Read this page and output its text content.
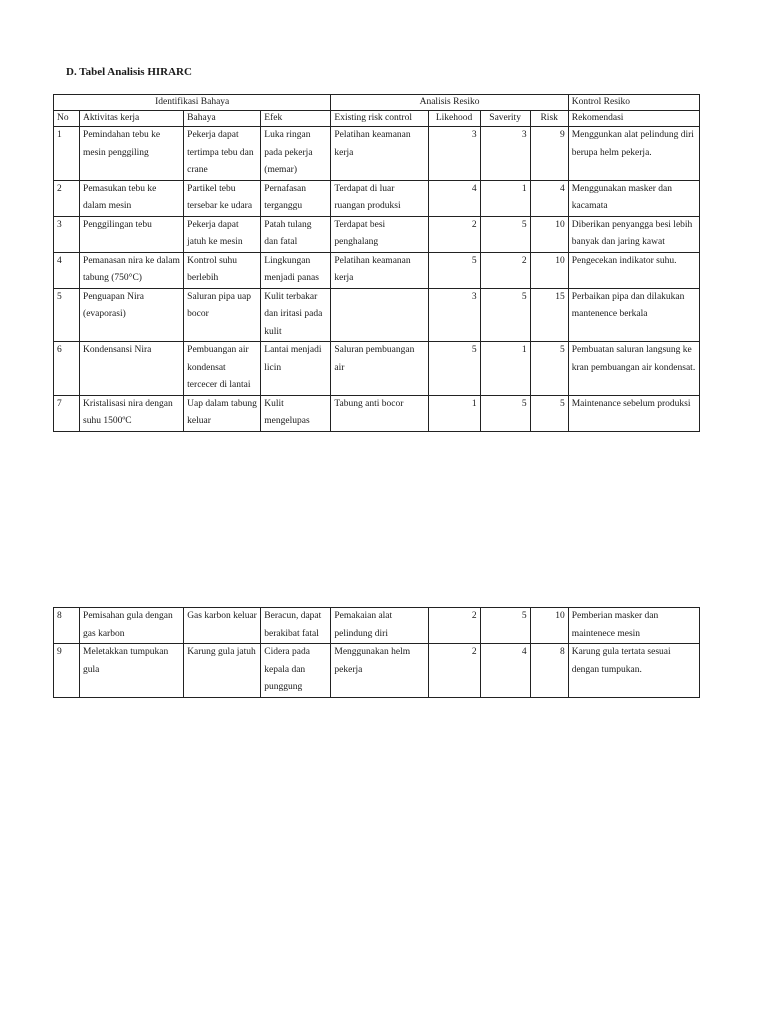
D. Tabel Analisis HIRARC
Identifikasi Bahaya				Analisis Resiko				Kontrol Resiko
No	Aktivitas kerja	Bahaya	Efek	Existing risk control	Likehood	Saverity	Risk	Rekomendasi
1	Pemindahan tebu ke mesin penggiling	Pekerja dapat tertimpa tebu dan crane	Luka ringan pada pekerja (memar)	Pelatihan keamanan kerja	3	3	9	Menggunkan alat pelindung diri berupa helm pekerja.
2	Pemasukan tebu ke dalam mesin	Partikel tebu tersebar ke udara	Pernafasan terganggu	Terdapat di luar ruangan produksi	4	1	4	Menggunakan masker dan kacamata
3	Penggilingan tebu	Pekerja dapat jatuh ke mesin	Patah tulang dan fatal	Terdapat besi penghalang	2	5	10	Diberikan penyangga besi lebih banyak dan jaring kawat
4	Pemanasan nira ke dalam tabung (750°C)	Kontrol suhu berlebih	Lingkungan menjadi panas	Pelatihan keamanan kerja	5	2	10	Pengecekan indikator suhu.
5	Penguapan Nira (evaporasi)	Saluran pipa uap bocor	Kulit terbakar dan iritasi pada kulit		3	5	15	Perbaikan pipa dan dilakukan mantenence berkala
6	Kondensansi Nira	Pembuangan air kondensat tercecer di lantai	Lantai menjadi licin	Saluran pembuangan air	5	1	5	Pembuatan saluran langsung ke kran pembuangan air kondensat.
7	Kristalisasi nira dengan suhu 1500ºC	Uap dalam tabung keluar	Kulit mengelupas	Tabung anti bocor	1	5	5	Maintenance sebelum produksi
8	Pemisahan gula dengan gas karbon	Gas karbon keluar	Beracun, dapat berakibat fatal	Pemakaian alat pelindung diri	2	5	10	Pemberian masker dan maintenece mesin
9	Meletakkan tumpukan gula	Karung gula jatuh	Cidera pada kepala dan punggung	Menggunakan helm pekerja	2	4	8	Karung gula tertata sesuai dengan tumpukan.
